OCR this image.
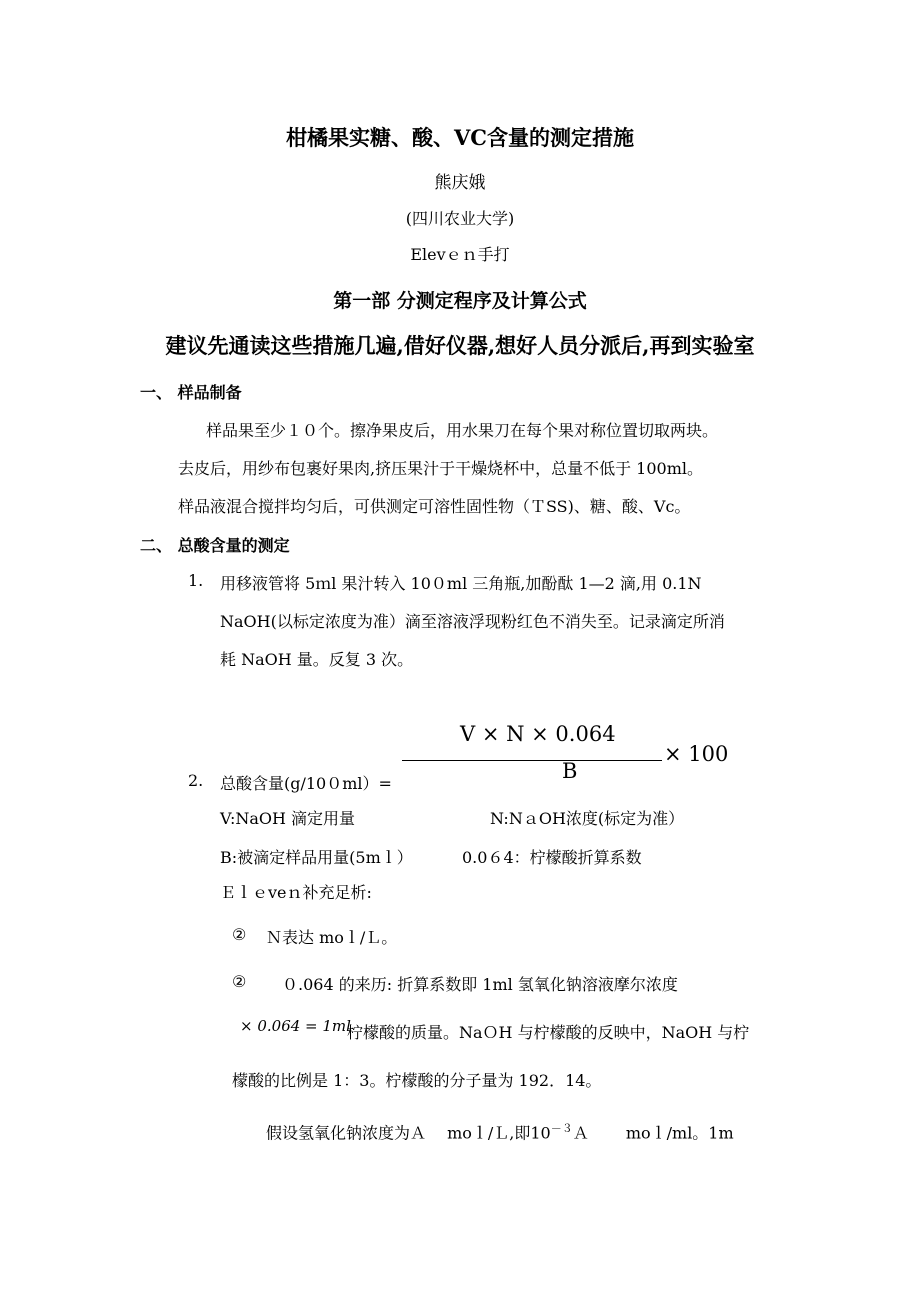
柑橘果实糖、酸、VC含量的测定措施
熊庆娥
(四川农业大学)
Elevｅｎ手打
第一部 分测定程序及计算公式
建议先通读这些措施几遍,借好仪器,想好人员分派后,再到实验室
一、 样品制备
样品果至少１０个。擦净果皮后，用水果刀在每个果对称位置切取两块。
去皮后，用纱布包裹好果肉,挤压果汁于干燥烧杯中，总量不低于 100ml。
样品液混合搅拌均匀后，可供测定可溶性固性物（ＴSS)、糖、酸、Vc。
二、 总酸含量的测定
1. 用移液管将 5ｍl 果汁转入 10０ml 三角瓶,加酚酞 1—2 滴,用 0.1N
NaOH(以标定浓度为准）滴至溶液浮现粉红色不消失至。记录滴定所消
耗 NaOH 量。反复 3 次。
V × N × 0.064
× 100
B
2. 总酸含量(g/10０ml）=
V:NaOH 滴定用量	N:NａOH浓度(标定为准）
B:被滴定样品用量(5mｌ）	0.0６4：柠檬酸折算系数
Ｅｌｅveｎ补充足析:
② Ｎ表达 moｌ/Ｌ。
② ０.064 的来历: 折算系数即 1ml 氢氧化钠溶液摩尔浓度
× 0.064 = 1ml
柠檬酸的质量。NaＯH 与柠檬酸的反映中，NaOH 与柠
檬酸的比例是 1：3。柠檬酸的分子量为 192．14。
假设氢氧化钠浓度为Ａ　 moｌ/Ｌ,即$10^{-3}A$　　 moｌ/ml。1m
